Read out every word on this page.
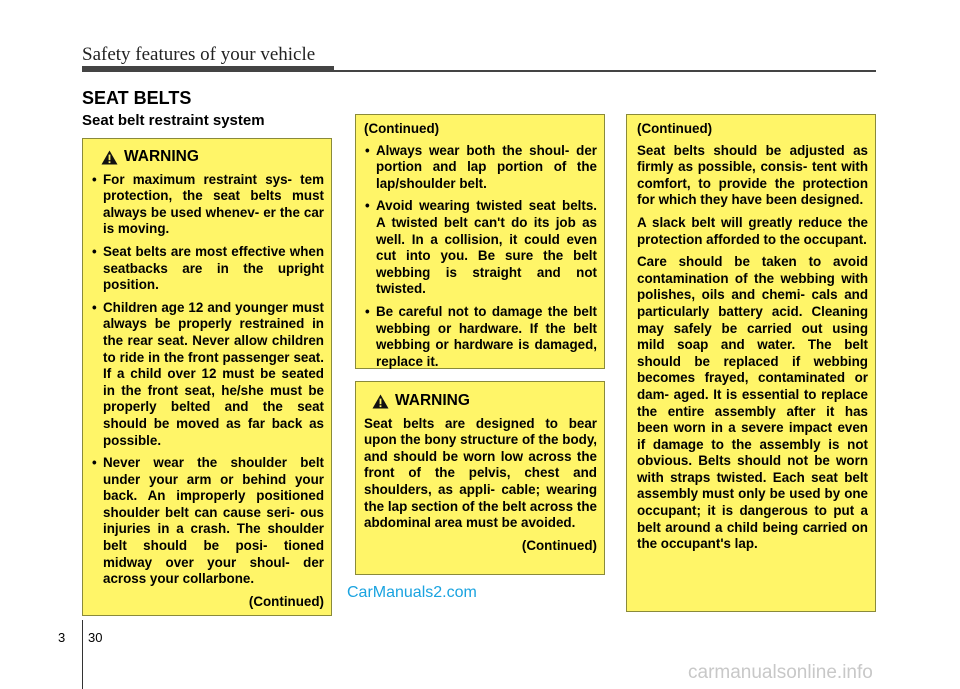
Safety features of your vehicle
SEAT BELTS
Seat belt restraint system
WARNING
• For maximum restraint sys- tem protection, the seat belts must always be used whenev- er the car is moving.
• Seat belts are most effective when seatbacks are in the upright position.
• Children age 12 and younger must always be properly restrained in the rear seat. Never allow children to ride in the front passenger seat. If a child over 12 must be seated in the front seat, he/she must be properly belted and the seat should be moved as far back as possible.
• Never wear the shoulder belt under your arm or behind your back. An improperly positioned shoulder belt can cause seri- ous injuries in a crash. The shoulder belt should be posi- tioned midway over your shoul- der across your collarbone.
(Continued)
(Continued)
• Always wear both the shoul- der portion and lap portion of the lap/shoulder belt.
• Avoid wearing twisted seat belts. A twisted belt can't do its job as well. In a collision, it could even cut into you. Be sure the belt webbing is straight and not twisted.
• Be careful not to damage the belt webbing or hardware. If the belt webbing or hardware is damaged, replace it.
WARNING

Seat belts are designed to bear upon the bony structure of the body, and should be worn low across the front of the pelvis, chest and shoulders, as appli- cable; wearing the lap section of the belt across the abdominal area must be avoided.

(Continued)
(Continued)

Seat belts should be adjusted as firmly as possible, consis- tent with comfort, to provide the protection for which they have been designed.

A slack belt will greatly reduce the protection afforded to the occupant.

Care should be taken to avoid contamination of the webbing with polishes, oils and chemi- cals and particularly battery acid. Cleaning may safely be carried out using mild soap and water. The belt should be replaced if webbing becomes frayed, contaminated or dam- aged. It is essential to replace the entire assembly after it has been worn in a severe impact even if damage to the assembly is not obvious. Belts should not be worn with straps twisted. Each seat belt assembly must only be used by one occupant; it is dangerous to put a belt around a child being carried on the occupant's lap.

CarManuals2.com
3 30
carmanualsonline.info
